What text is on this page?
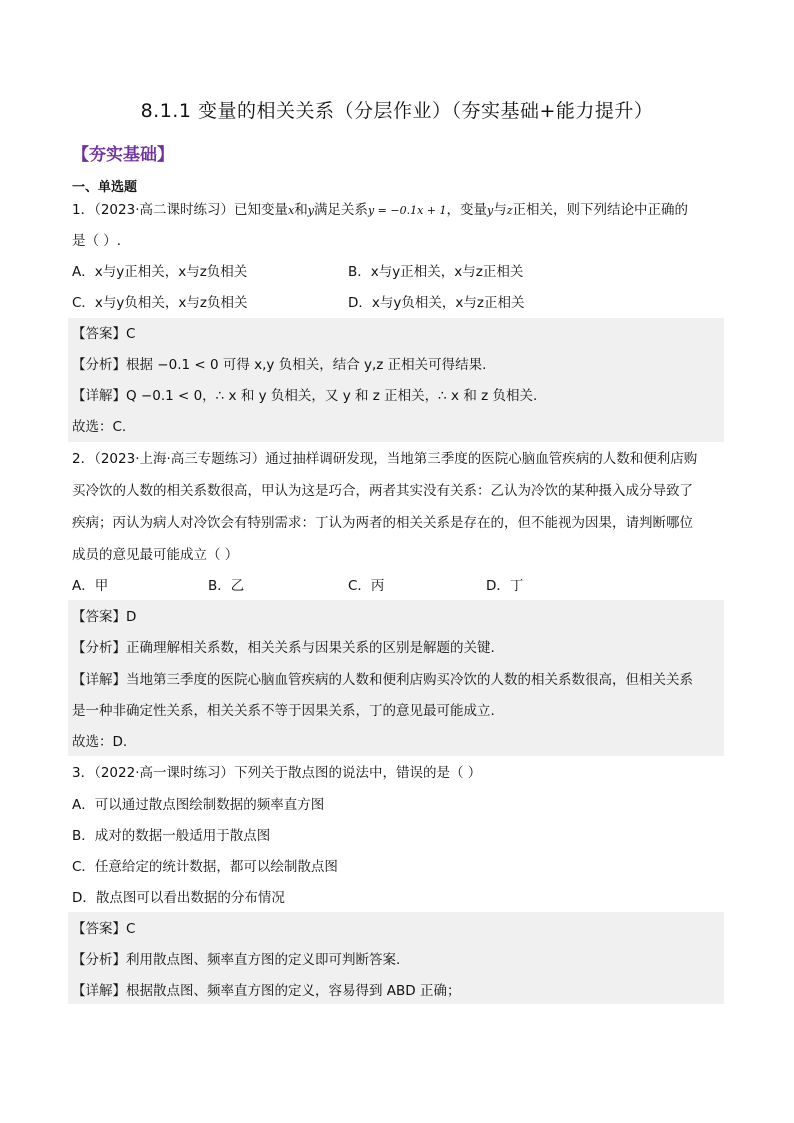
8.1.1 变量的相关关系（分层作业）（夯实基础+能力提升）
【夯实基础】
一、单选题
1．（2023·高二课时练习）已知变量x和y满足关系y = −0.1x + 1，变量y与z正相关，则下列结论中正确的
是（ ）.
A．x与y正相关，x与z负相关	B．x与y正相关，x与z正相关
C．x与y负相关，x与z负相关	D．x与y负相关，x与z正相关
【答案】C
【分析】根据 −0.1 < 0 可得 x,y 负相关，结合 y,z 正相关可得结果.
【详解】Q −0.1 < 0，∴ x 和 y 负相关，又 y 和 z 正相关，∴ x 和 z 负相关.
故选：C.
2．（2023·上海·高三专题练习）通过抽样调研发现，当地第三季度的医院心脑血管疾病的人数和便利店购
买冷饮的人数的相关系数很高，甲认为这是巧合，两者其实没有关系：乙认为冷饮的某种摄入成分导致了
疾病；丙认为病人对冷饮会有特别需求：丁认为两者的相关关系是存在的，但不能视为因果，请判断哪位
成员的意见最可能成立（ ）
A．甲	B．乙	C．丙	D．丁
【答案】D
【分析】正确理解相关系数，相关关系与因果关系的区别是解题的关键.
【详解】当地第三季度的医院心脑血管疾病的人数和便利店购买冷饮的人数的相关系数很高，但相关关系
是一种非确定性关系，相关关系不等于因果关系，丁的意见最可能成立.
故选：D.
3．（2022·高一课时练习）下列关于散点图的说法中，错误的是（ ）
A．可以通过散点图绘制数据的频率直方图
B．成对的数据一般适用于散点图
C．任意给定的统计数据，都可以绘制散点图
D．散点图可以看出数据的分布情况
【答案】C
【分析】利用散点图、频率直方图的定义即可判断答案.
【详解】根据散点图、频率直方图的定义，容易得到 ABD 正确；
